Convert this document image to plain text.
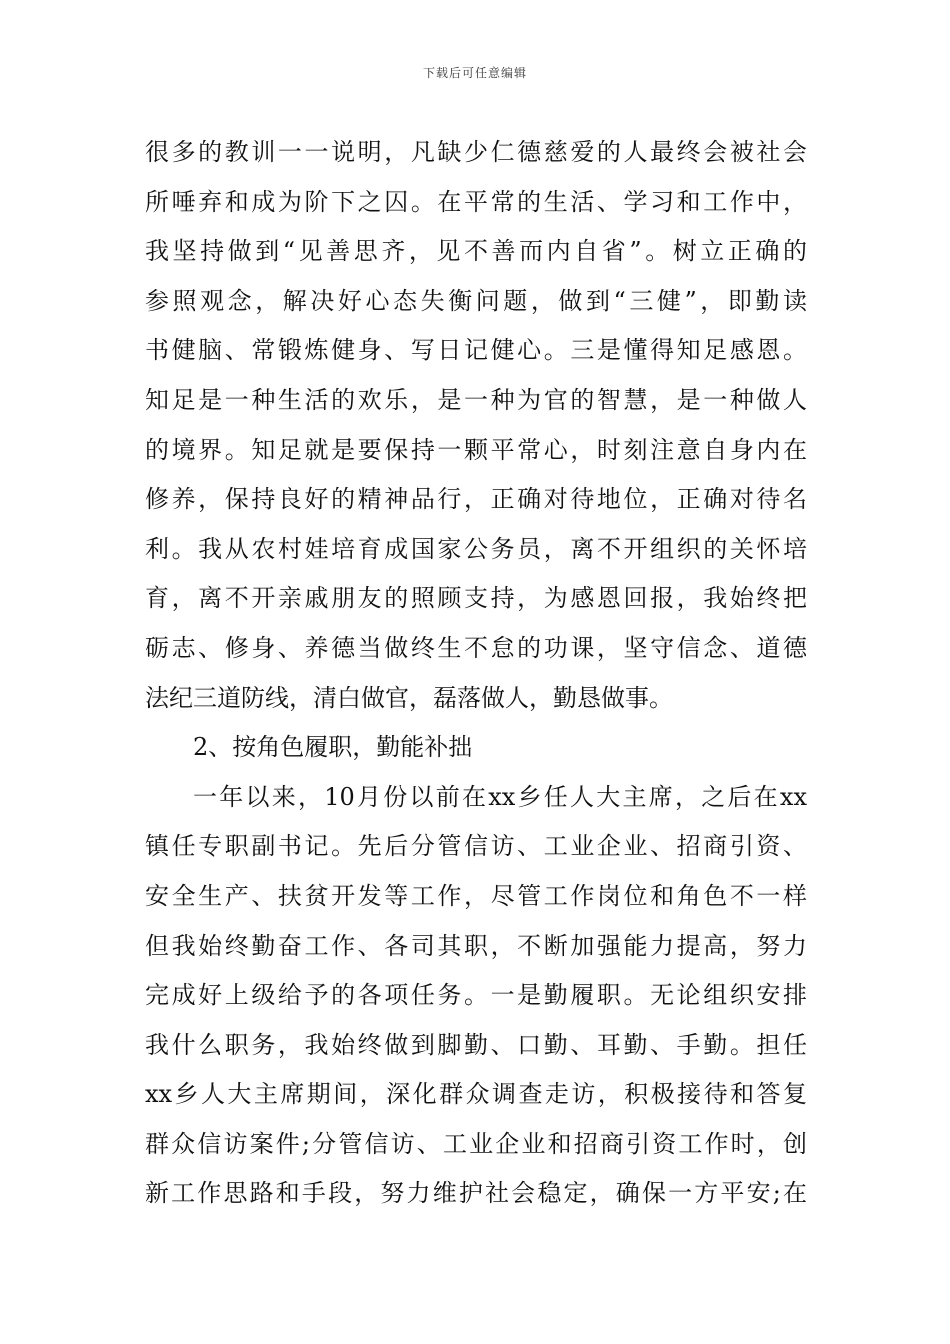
下载后可任意编辑
很多的教训一一说明，凡缺少仁德慈爱的人最终会被社会
所唾弃和成为阶下之囚。在平常的生活、学习和工作中，
我坚持做到“见善思齐，见不善而内自省”。树立正确的
参照观念，解决好心态失衡问题，做到“三健”，即勤读
书健脑、常锻炼健身、写日记健心。三是懂得知足感恩。
知足是一种生活的欢乐，是一种为官的智慧，是一种做人
的境界。知足就是要保持一颗平常心，时刻注意自身内在
修养，保持良好的精神品行，正确对待地位，正确对待名
利。我从农村娃培育成国家公务员，离不开组织的关怀培
育，离不开亲戚朋友的照顾支持，为感恩回报，我始终把
砺志、修身、养德当做终生不怠的功课，坚守信念、道德
法纪三道防线，清白做官，磊落做人，勤恳做事。
2、按角色履职，勤能补拙
一年以来，10月份以前在xx乡任人大主席，之后在xx
镇任专职副书记。先后分管信访、工业企业、招商引资、
安全生产、扶贫开发等工作，尽管工作岗位和角色不一样
但我始终勤奋工作、各司其职，不断加强能力提高，努力
完成好上级给予的各项任务。一是勤履职。无论组织安排
我什么职务，我始终做到脚勤、口勤、耳勤、手勤。担任
xx乡人大主席期间，深化群众调查走访，积极接待和答复
群众信访案件;分管信访、工业企业和招商引资工作时，创
新工作思路和手段，努力维护社会稳定，确保一方平安;在
